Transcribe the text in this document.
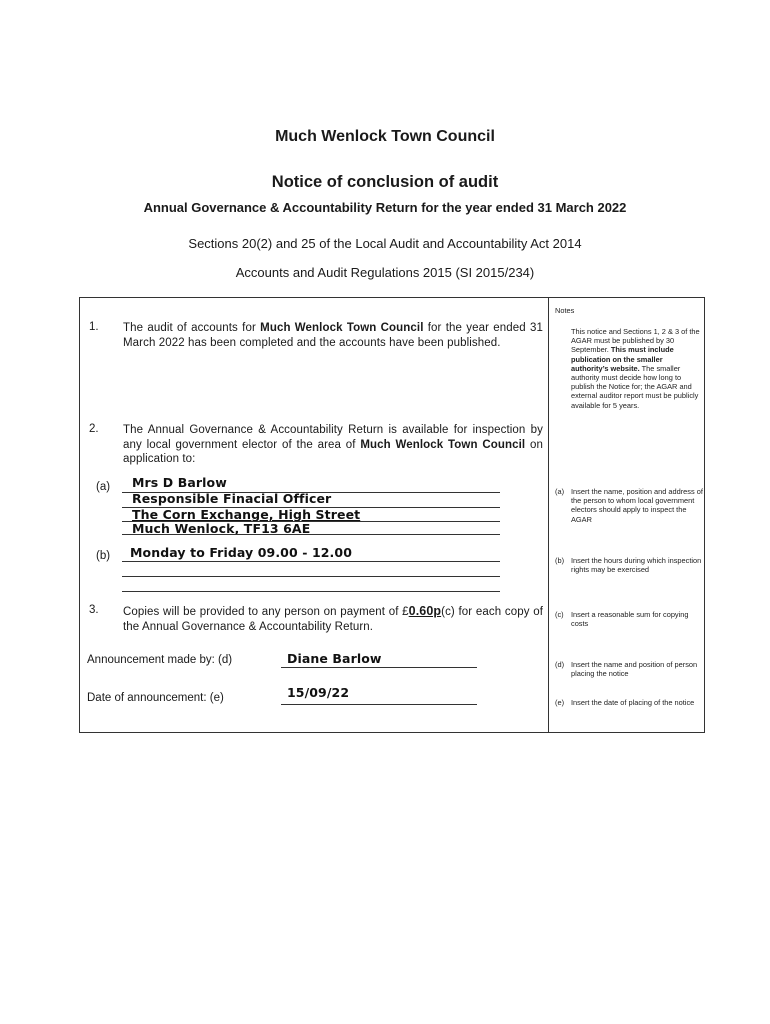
Much Wenlock Town Council
Notice of conclusion of audit
Annual Governance & Accountability Return for the year ended 31 March 2022
Sections 20(2) and 25 of the Local Audit and Accountability Act 2014
Accounts and Audit Regulations 2015 (SI 2015/234)
1. The audit of accounts for Much Wenlock Town Council for the year ended 31 March 2022 has been completed and the accounts have been published.
2. The Annual Governance & Accountability Return is available for inspection by any local government elector of the area of Much Wenlock Town Council on application to:
(a) Mrs D Barlow
Responsible Finacial Officer
The Corn Exchange, High Street
Much Wenlock, TF13 6AE
(b) Monday to Friday 09.00 - 12.00
3. Copies will be provided to any person on payment of £0.60p(c) for each copy of the Annual Governance & Accountability Return.
Announcement made by: (d)	Diane Barlow
Date of announcement: (e)	15/09/22
Notes
This notice and Sections 1, 2 & 3 of the AGAR must be published by 30 September. This must include publication on the smaller authority’s website. The smaller authority must decide how long to publish the Notice for; the AGAR and external auditor report must be publicly available for 5 years.
(a) Insert the name, position and address of the person to whom local government electors should apply to inspect the AGAR
(b) Insert the hours during which inspection rights may be exercised
(c) Insert a reasonable sum for copying costs
(d) Insert the name and position of person placing the notice
(e) Insert the date of placing of the notice
